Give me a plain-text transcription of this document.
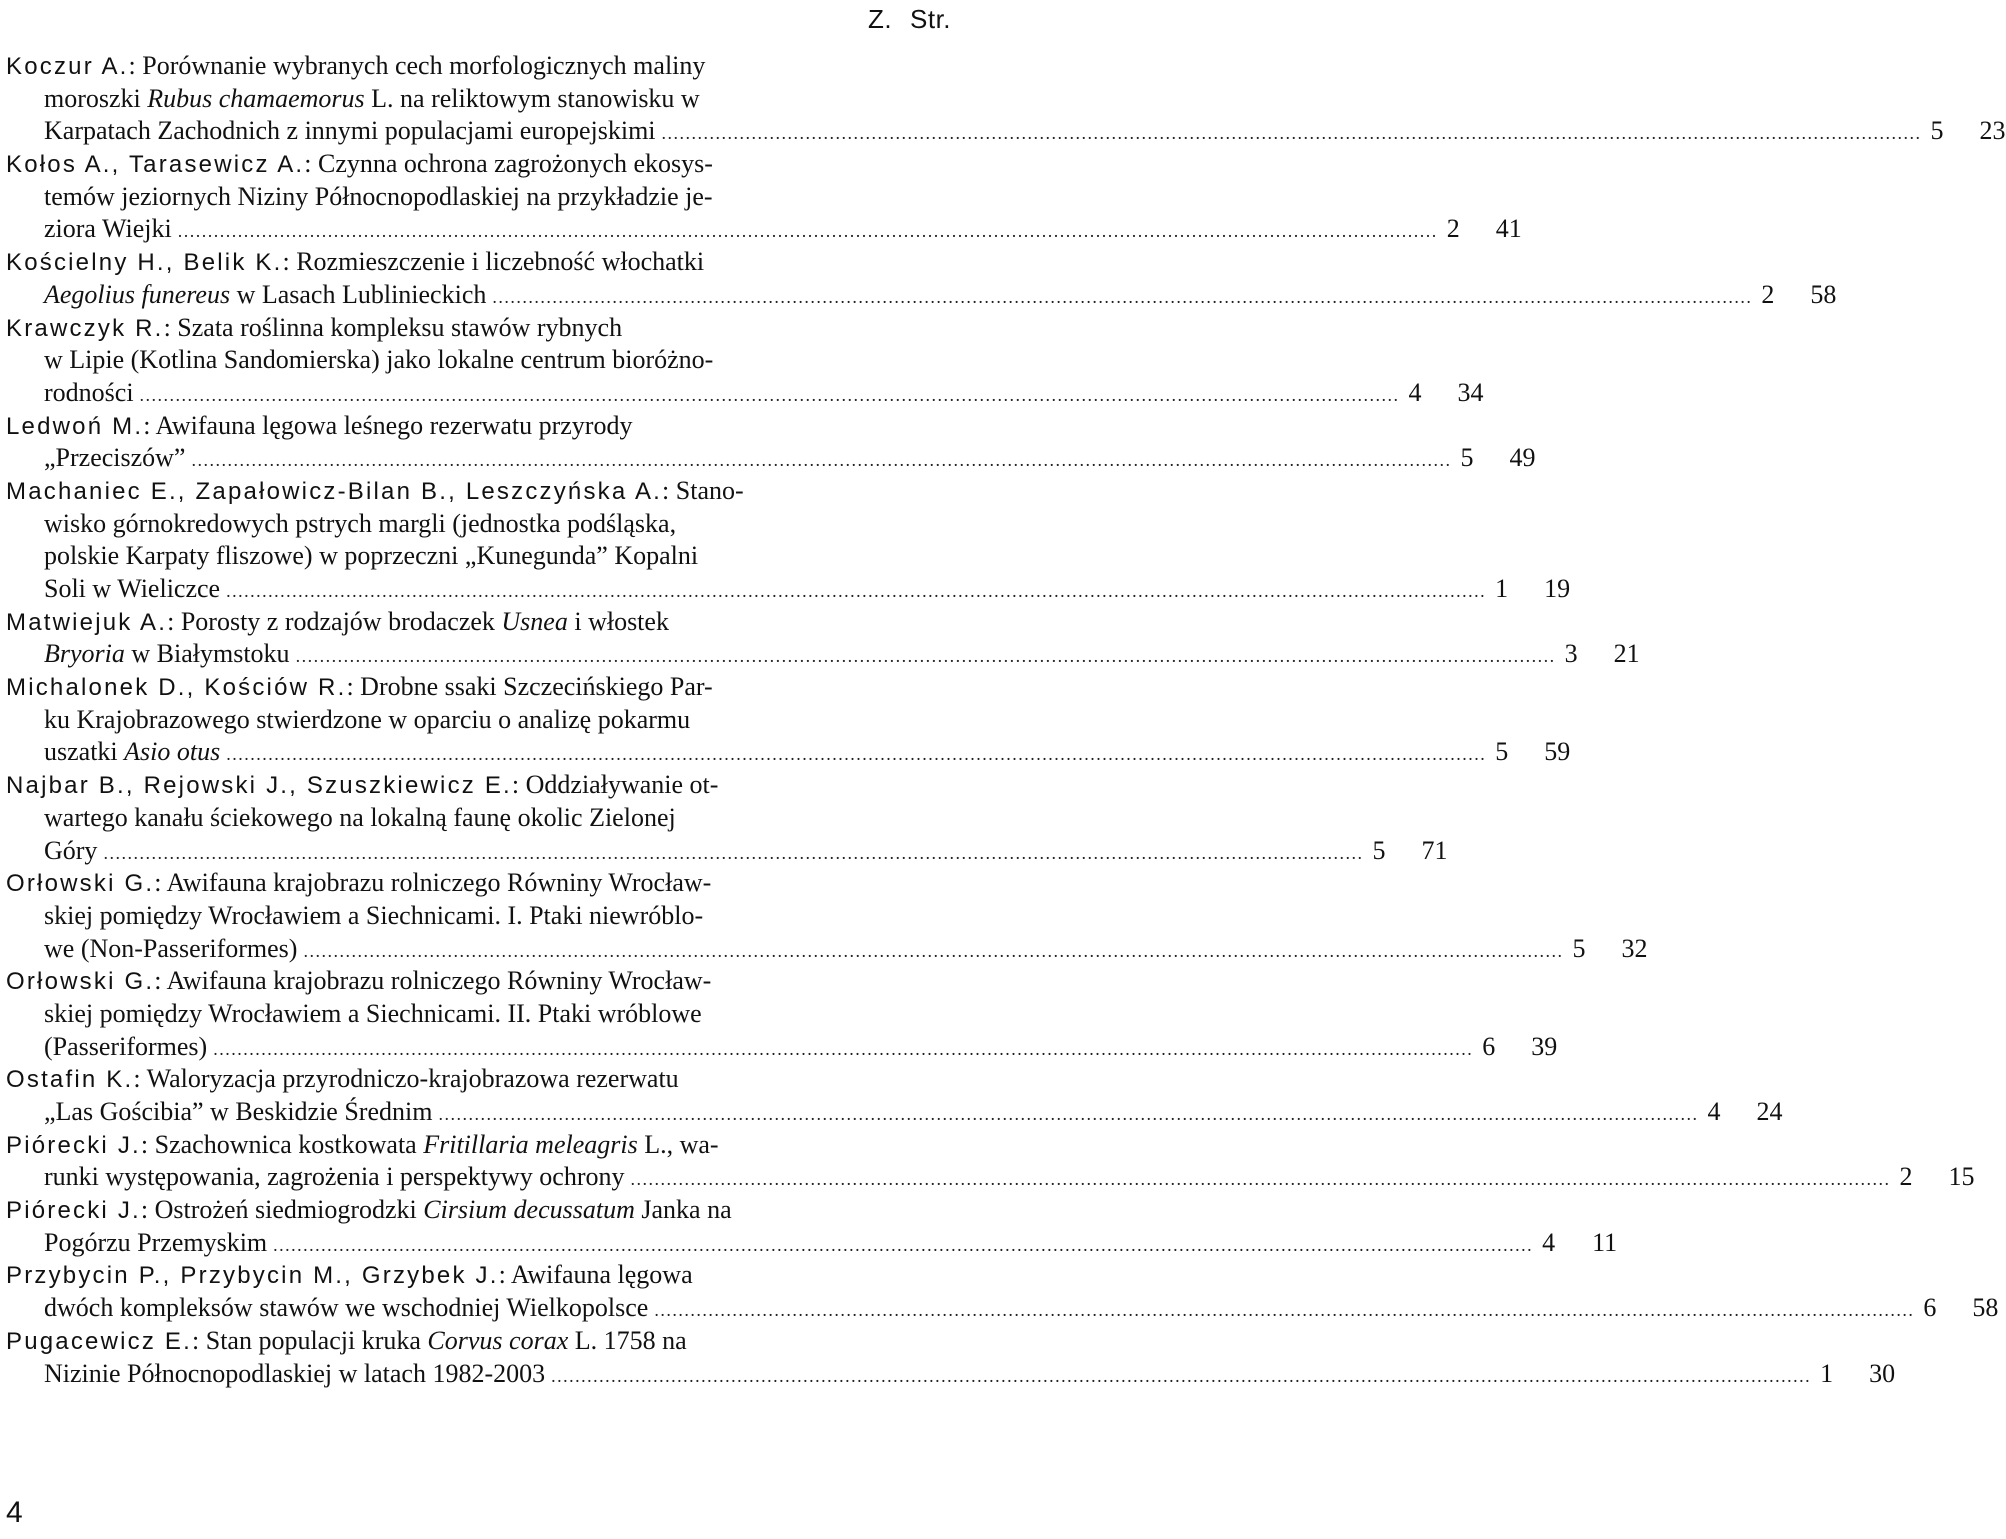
Z. Str.
Koczur A.: Porównanie wybranych cech morfologicznych maliny
moroszki Rubus chamaemorus L. na reliktowym stanowisku w
Karpatach Zachodnich z innymi populacjami europejskimi .....	5	23
Kołos A., Tarasewicz A.: Czynna ochrona zagrożonych ekosys-
temów jeziornych Niziny Północnopodlaskiej na przykładzie je-
ziora Wiejki .....	2	41
Kościelny H., Belik K.: Rozmieszczenie i liczebność włochatki
Aegolius funereus w Lasach Lublinieckich .....	2	58
Krawczyk R.: Szata roślinna kompleksu stawów rybnych
w Lipie (Kotlina Sandomierska) jako lokalne centrum bioróżno-
rodności .....	4	34
Ledwoń M.: Awifauna lęgowa leśnego rezerwatu przyrody
„Przeciszów” .....	5	49
Machaniec E., Zapałowicz-Bilan B., Leszczyńska A.: Stano-
wisko górnokredowych pstrych margli (jednostka podśląska,
polskie Karpaty fliszowe) w poprzeczni „Kunegunda” Kopalni
Soli w Wieliczce .....	1	19
Matwiejuk A.: Porosty z rodzajów brodaczek Usnea i włostek
Bryoria w Białymstoku .....	3	21
Michalonek D., Kościów R.: Drobne ssaki Szczecińskiego Par-
ku Krajobrazowego stwierdzone w oparciu o analizę pokarmu
uszatki Asio otus .....	5	59
Najbar B., Rejowski J., Szuszkiewicz E.: Oddziaływanie ot-
wartego kanału ściekowego na lokalną faunę okolic Zielonej
Góry .....	5	71
Orłowski G.: Awifauna krajobrazu rolniczego Równiny Wrocław-
skiej pomiędzy Wrocławiem a Siechnicami. I. Ptaki niewróblo-
we (Non-Passeriformes) .....	5	32
Orłowski G.: Awifauna krajobrazu rolniczego Równiny Wrocław-
skiej pomiędzy Wrocławiem a Siechnicami. II. Ptaki wróblowe
(Passeriformes) .....	6	39
Ostafin K.: Waloryzacja przyrodniczo-krajobrazowa rezerwatu
„Las Gościbia” w Beskidzie Średnim .....	4	24
Piórecki J.: Szachownica kostkowata Fritillaria meleagris L., wa-
runki występowania, zagrożenia i perspektywy ochrony .....	2	15
Piórecki J.: Ostrożeń siedmiogrodzki Cirsium decussatum Janka na
Pogórzu Przemyskim .....	4	11
Przybycin P., Przybycin M., Grzybek J.: Awifauna lęgowa
dwóch kompleksów stawów we wschodniej Wielkopolsce .....	6	58
Pugacewicz E.: Stan populacji kruka Corvus corax L. 1758 na
Nizinie Północnopodlaskiej w latach 1982-2003 .....	1	30
4
